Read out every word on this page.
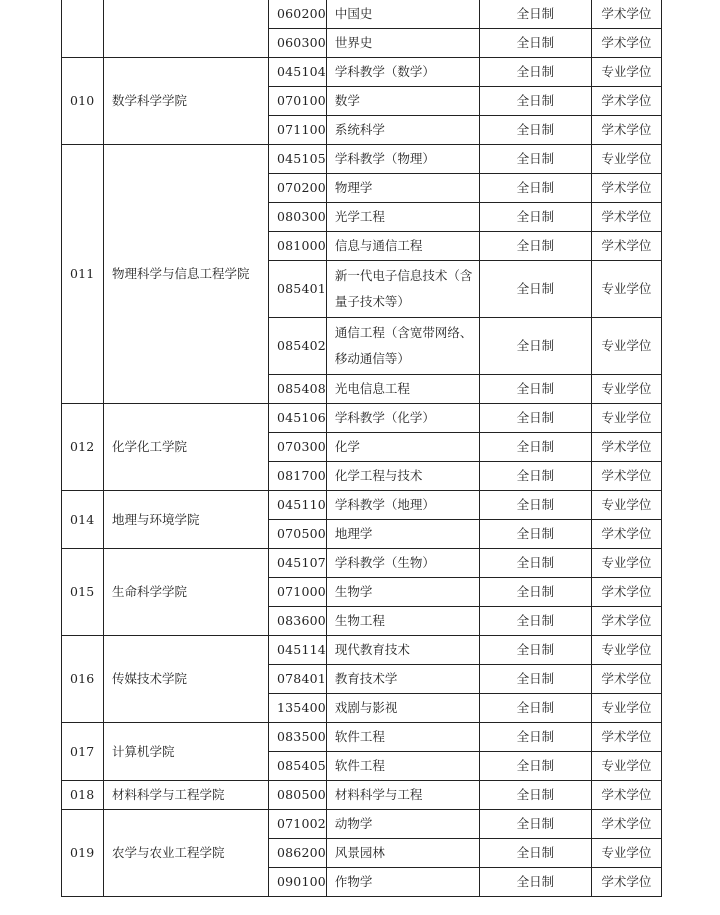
		060200	中国史	全日制	学术学位
		060300	世界史	全日制	学术学位
010	数学科学学院	045104	学科教学（数学）	全日制	专业学位
		070100	数学	全日制	学术学位
		071100	系统科学	全日制	学术学位
011	物理科学与信息工程学院	045105	学科教学（物理）	全日制	专业学位
		070200	物理学	全日制	学术学位
		080300	光学工程	全日制	学术学位
		081000	信息与通信工程	全日制	学术学位
		085401	新一代电子信息技术（含量子技术等）	全日制	专业学位
		085402	通信工程（含宽带网络、移动通信等）	全日制	专业学位
		085408	光电信息工程	全日制	专业学位
012	化学化工学院	045106	学科教学（化学）	全日制	专业学位
		070300	化学	全日制	学术学位
		081700	化学工程与技术	全日制	学术学位
014	地理与环境学院	045110	学科教学（地理）	全日制	专业学位
		070500	地理学	全日制	学术学位
015	生命科学学院	045107	学科教学（生物）	全日制	专业学位
		071000	生物学	全日制	学术学位
		083600	生物工程	全日制	学术学位
016	传媒技术学院	045114	现代教育技术	全日制	专业学位
		078401	教育技术学	全日制	学术学位
		135400	戏剧与影视	全日制	专业学位
017	计算机学院	083500	软件工程	全日制	学术学位
		085405	软件工程	全日制	专业学位
018	材料科学与工程学院	080500	材料科学与工程	全日制	学术学位
019	农学与农业工程学院	071002	动物学	全日制	学术学位
		086200	风景园林	全日制	专业学位
		090100	作物学	全日制	学术学位
